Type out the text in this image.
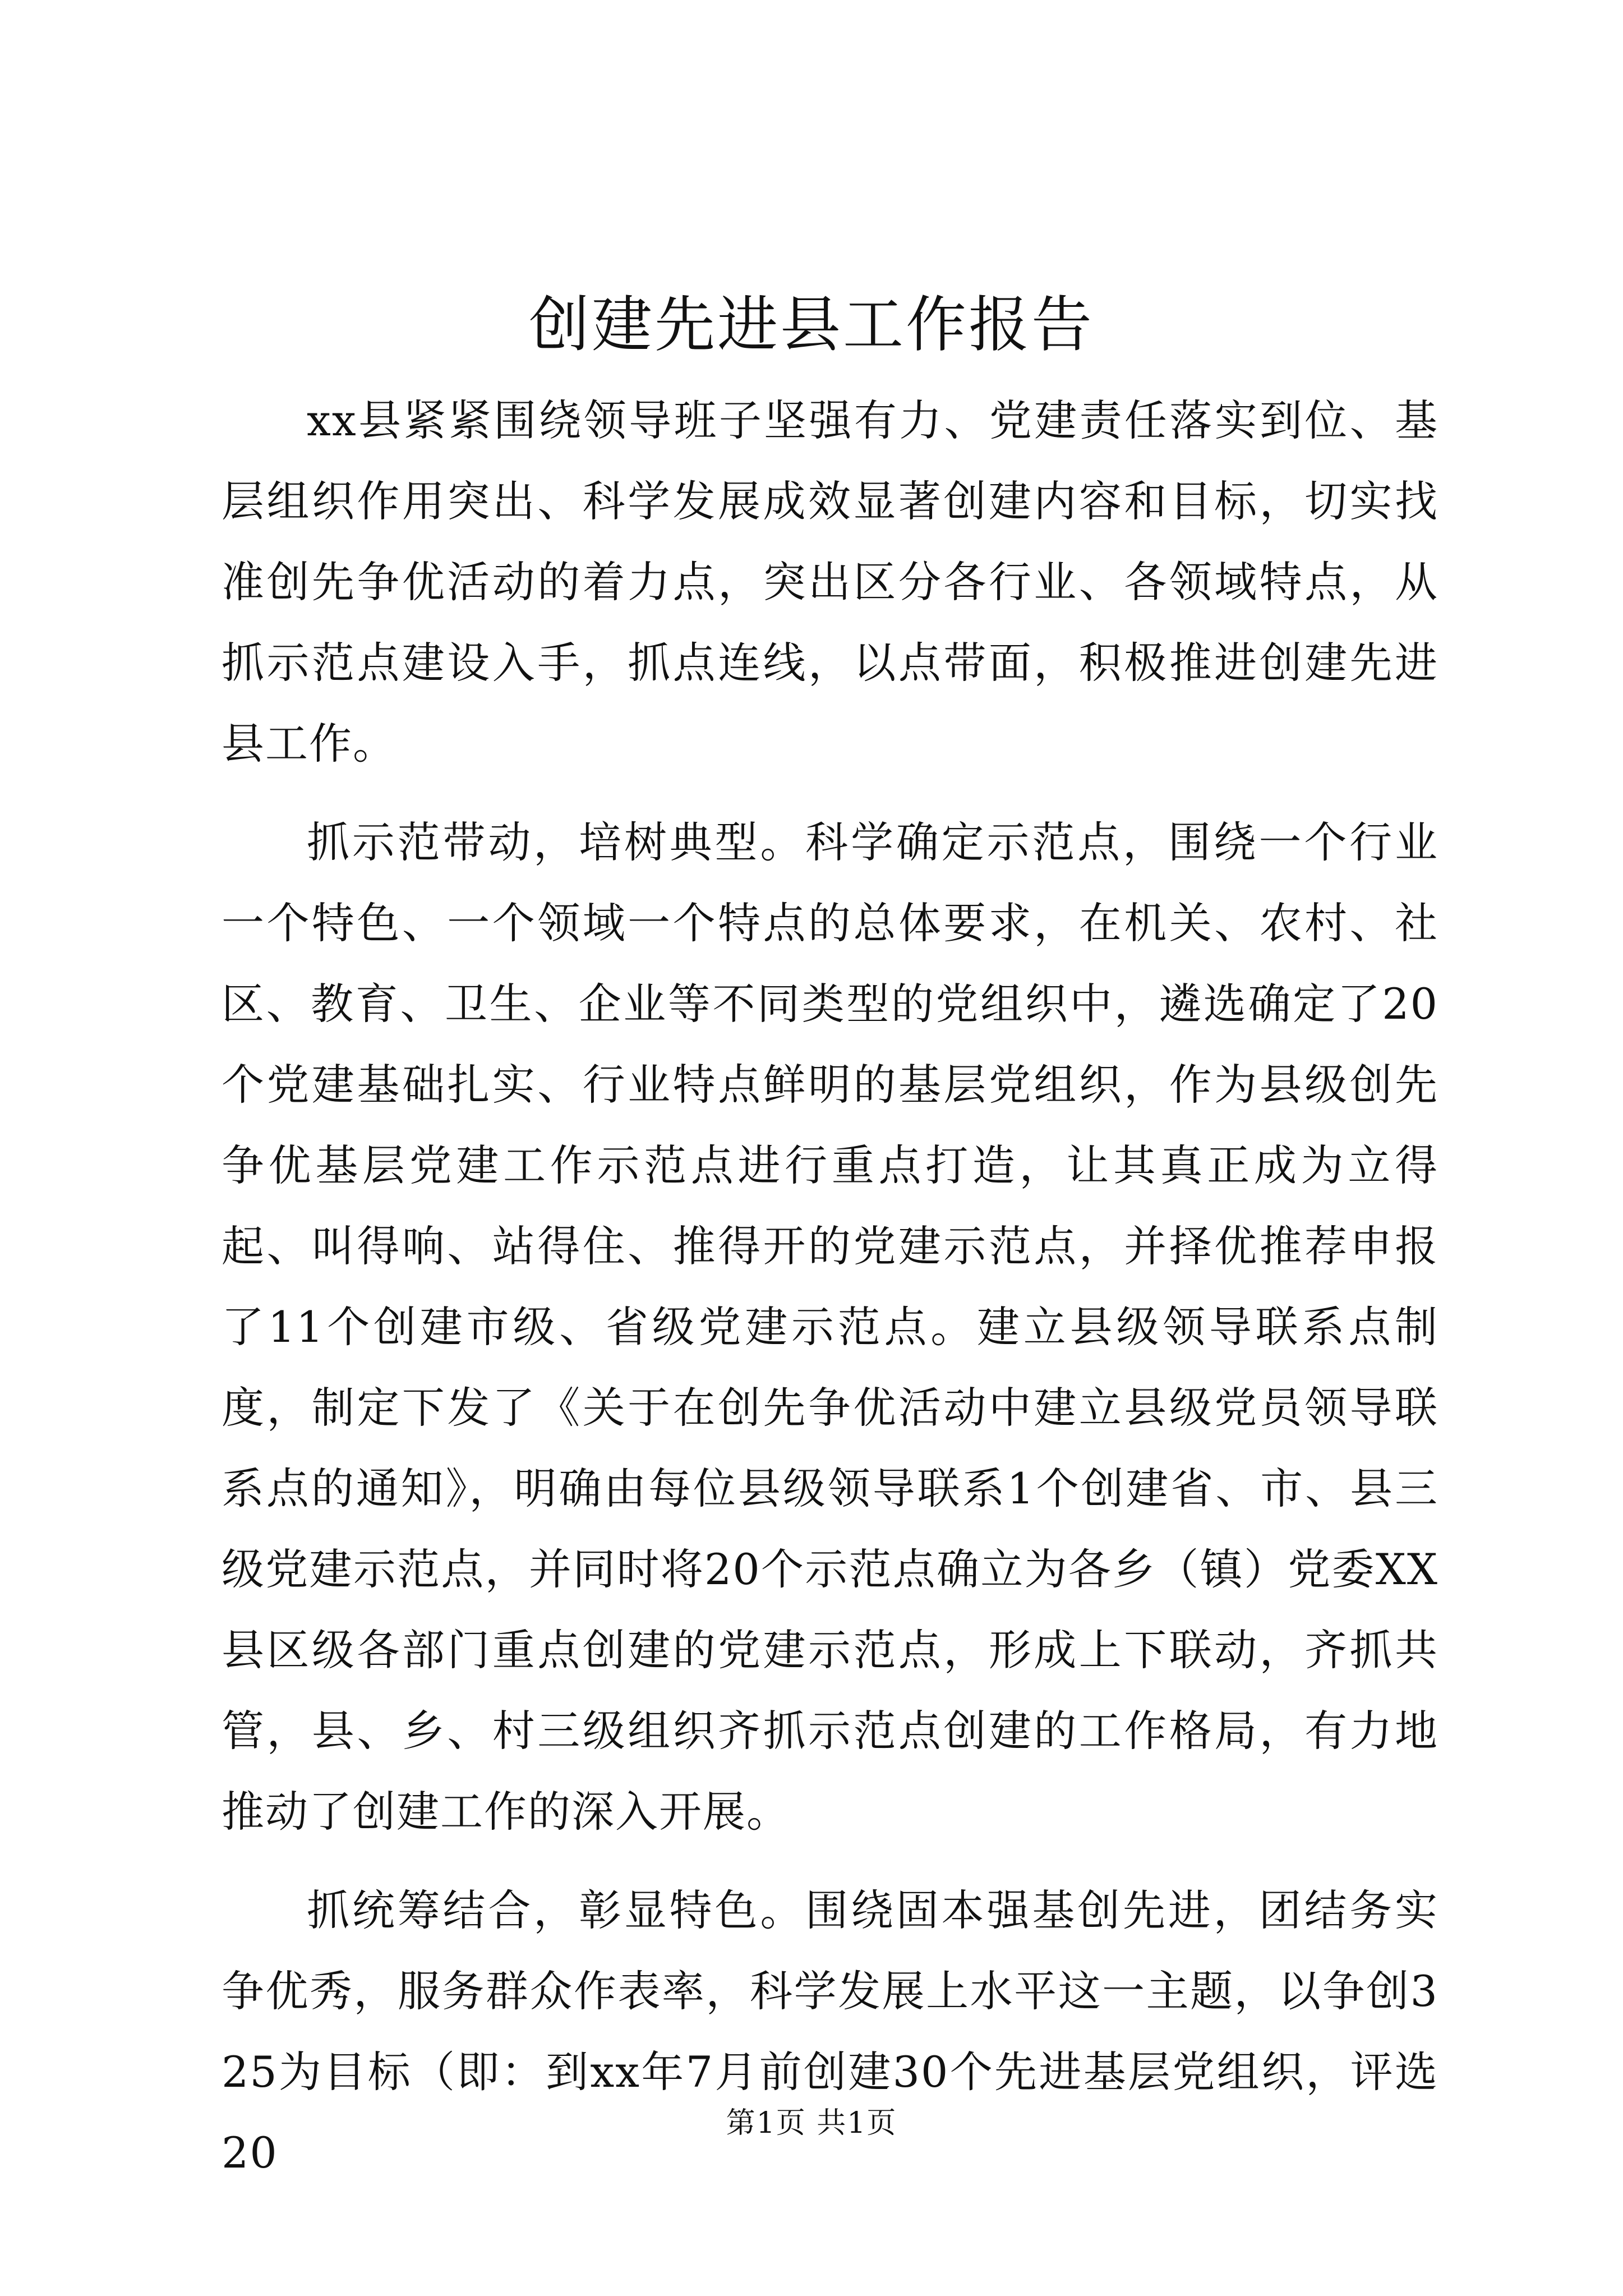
创建先进县工作报告

xx县紧紧围绕领导班子坚强有力、党建责任落实到位、基层组织作用突出、科学发展成效显著创建内容和目标，切实找准创先争优活动的着力点，突出区分各行业、各领域特点，从抓示范点建设入手，抓点连线，以点带面，积极推进创建先进县工作。

抓示范带动，培树典型。科学确定示范点，围绕一个行业一个特色、一个领域一个特点的总体要求，在机关、农村、社区、教育、卫生、企业等不同类型的党组织中，遴选确定了20个党建基础扎实、行业特点鲜明的基层党组织，作为县级创先争优基层党建工作示范点进行重点打造，让其真正成为立得起、叫得响、站得住、推得开的党建示范点，并择优推荐申报了11个创建市级、省级党建示范点。建立县级领导联系点制度，制定下发了《关于在创先争优活动中建立县级党员领导联系点的通知》，明确由每位县级领导联系1个创建省、市、县三级党建示范点，并同时将20个示范点确立为各乡（镇）党委XX县区级各部门重点创建的党建示范点，形成上下联动，齐抓共管，县、乡、村三级组织齐抓示范点创建的工作格局，有力地推动了创建工作的深入开展。

抓统筹结合，彰显特色。围绕固本强基创先进，团结务实争优秀，服务群众作表率，科学发展上水平这一主题，以争创325为目标（即：到xx年7月前创建30个先进基层党组织，评选20

第1页 共1页
